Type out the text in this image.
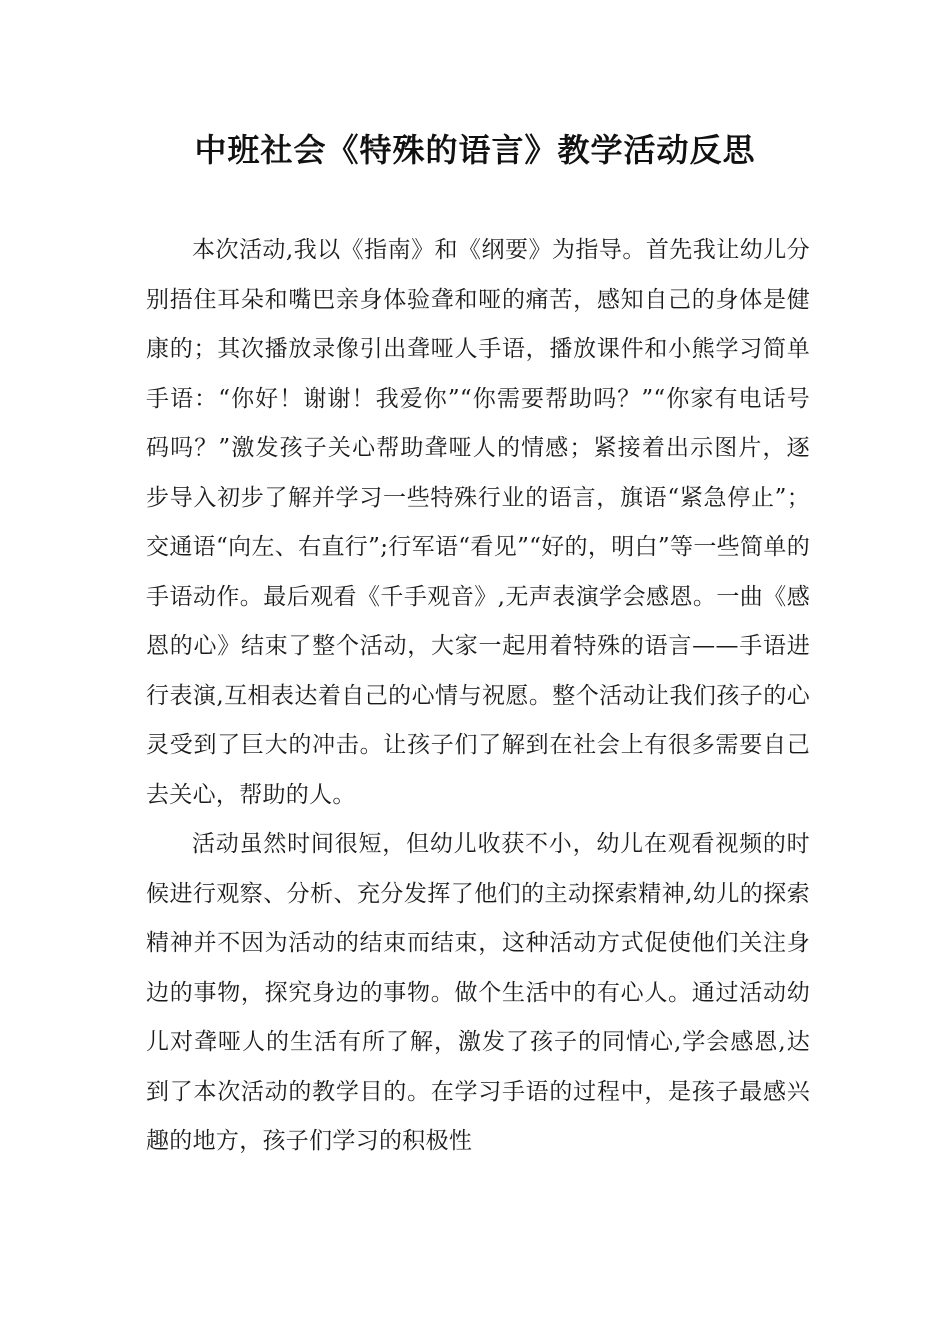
中班社会《特殊的语言》教学活动反思

本次活动,我以《指南》和《纲要》为指导。首先我让幼儿分别捂住耳朵和嘴巴亲身体验聋和哑的痛苦，感知自己的身体是健康的；其次播放录像引出聋哑人手语，播放课件和小熊学习简单手语：“你好！谢谢！我爱你”“你需要帮助吗？”“你家有电话号码吗？”激发孩子关心帮助聋哑人的情感；紧接着出示图片，逐步导入初步了解并学习一些特殊行业的语言，旗语“紧急停止”；交通语“向左、右直行”;行军语“看见”“好的，明白”等一些简单的手语动作。最后观看《千手观音》,无声表演学会感恩。一曲《感恩的心》结束了整个活动，大家一起用着特殊的语言——手语进行表演,互相表达着自己的心情与祝愿。整个活动让我们孩子的心灵受到了巨大的冲击。让孩子们了解到在社会上有很多需要自己去关心，帮助的人。

活动虽然时间很短，但幼儿收获不小，幼儿在观看视频的时候进行观察、分析、充分发挥了他们的主动探索精神,幼儿的探索精神并不因为活动的结束而结束，这种活动方式促使他们关注身边的事物，探究身边的事物。做个生活中的有心人。通过活动幼儿对聋哑人的生活有所了解，激发了孩子的同情心,学会感恩,达到了本次活动的教学目的。在学习手语的过程中，是孩子最感兴趣的地方，孩子们学习的积极性
